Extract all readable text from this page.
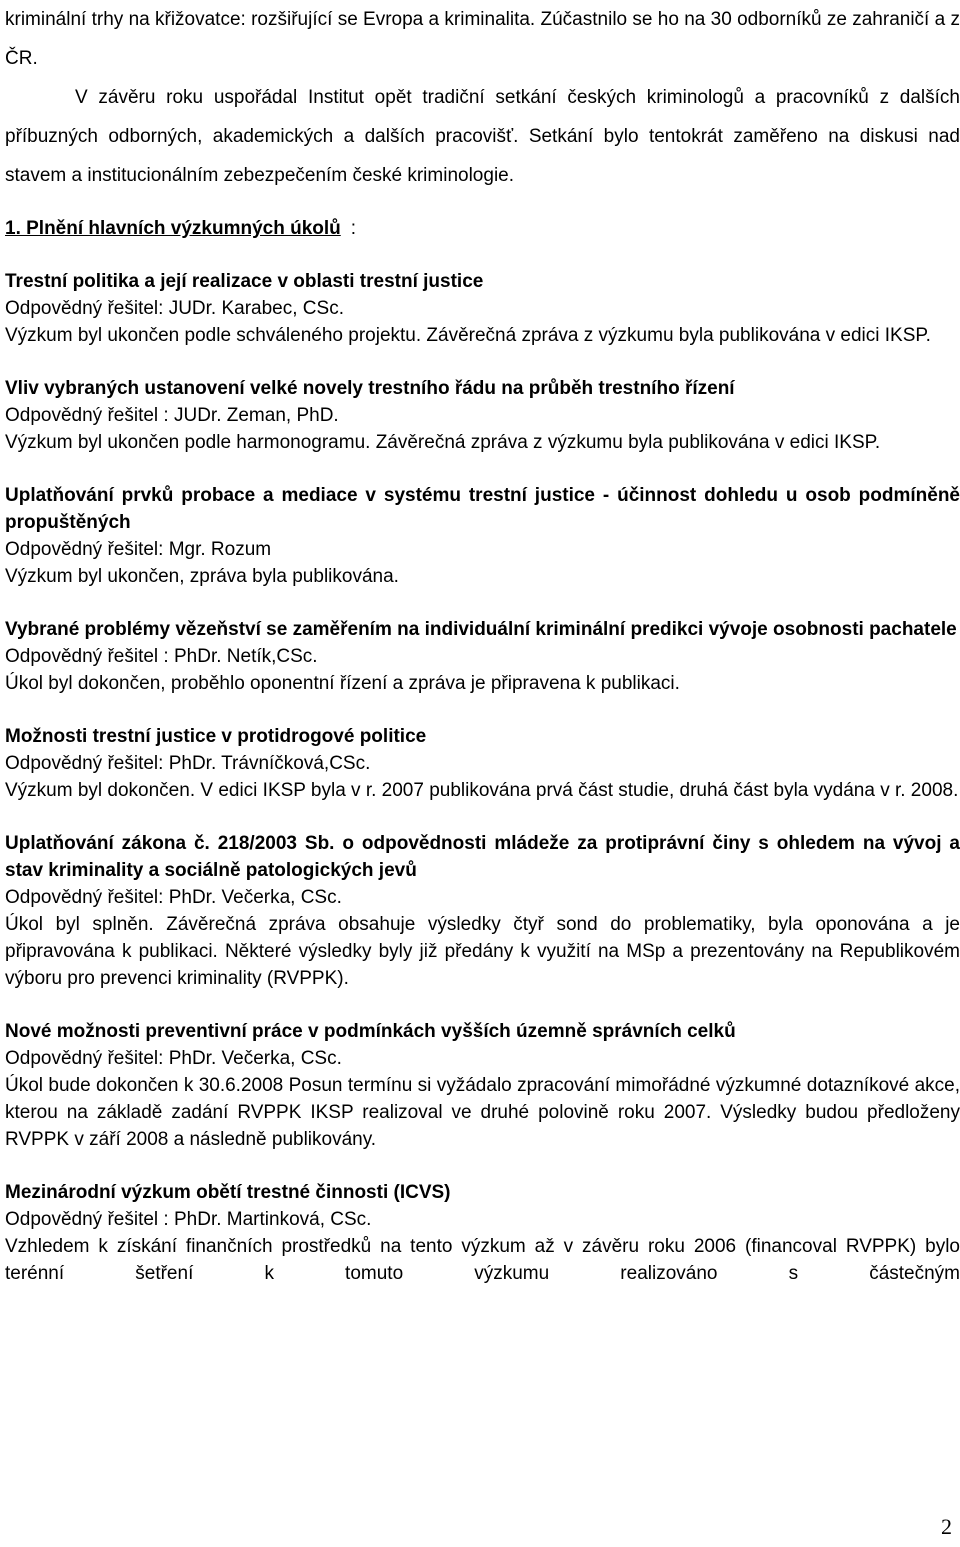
kriminální trhy na křižovatce: rozšiřující se Evropa a kriminalita. Zúčastnilo se ho na 30 odborníků ze zahraničí a z ČR.

V závěru roku uspořádal Institut opět tradiční setkání českých kriminologů a pracovníků z dalších příbuzných odborných, akademických a dalších pracovišť. Setkání bylo tentokrát zaměřeno na diskusi nad stavem a institucionálním zebezpečením české kriminologie.

1. Plnění hlavních výzkumných úkolů :

Trestní politika a její realizace v oblasti trestní justice

Odpovědný řešitel: JUDr. Karabec, CSc.

Výzkum byl ukončen podle schváleného projektu. Závěrečná zpráva z výzkumu byla publikována v edici IKSP.

Vliv vybraných ustanovení velké novely trestního řádu na průběh trestního řízení

Odpovědný řešitel : JUDr. Zeman, PhD.

Výzkum byl ukončen podle harmonogramu. Závěrečná zpráva z výzkumu byla publikována v edici IKSP.

Uplatňování prvků probace a mediace v systému trestní justice - účinnost dohledu u osob podmíněně propuštěných

Odpovědný řešitel: Mgr. Rozum

Výzkum byl ukončen, zpráva byla publikována.

Vybrané problémy vězeňství se zaměřením na individuální kriminální predikci vývoje osobnosti pachatele

Odpovědný řešitel : PhDr. Netík,CSc.

Úkol byl dokončen, proběhlo oponentní řízení a zpráva je připravena k publikaci.

Možnosti trestní justice v protidrogové politice

Odpovědný řešitel: PhDr. Trávníčková,CSc.

Výzkum byl dokončen. V edici IKSP byla v r. 2007 publikována prvá část studie, druhá část byla vydána v r. 2008.

Uplatňování zákona č. 218/2003 Sb. o odpovědnosti mládeže za protiprávní činy s ohledem na vývoj a stav kriminality a sociálně patologických jevů

Odpovědný řešitel: PhDr. Večerka, CSc.

Úkol byl splněn. Závěrečná zpráva obsahuje výsledky čtyř sond do problematiky, byla oponována a je připravována k publikaci. Některé výsledky byly již předány k využití na MSp a prezentovány na Republikovém výboru pro prevenci kriminality (RVPPK).

Nové možnosti preventivní práce v podmínkách vyšších územně správních celků

Odpovědný řešitel: PhDr. Večerka, CSc.

Úkol bude dokončen k 30.6.2008 Posun termínu si vyžádalo zpracování mimořádné výzkumné dotazníkové akce, kterou na základě zadání RVPPK IKSP realizoval ve druhé polovině roku 2007. Výsledky budou předloženy RVPPK v září 2008 a následně publikovány.

Mezinárodní výzkum obětí trestné činnosti (ICVS)

Odpovědný řešitel : PhDr. Martinková, CSc.

Vzhledem k získání finančních prostředků na tento výzkum až v závěru roku 2006 (financoval RVPPK) bylo terénní šetření k tomuto výzkumu realizováno s částečným

2
